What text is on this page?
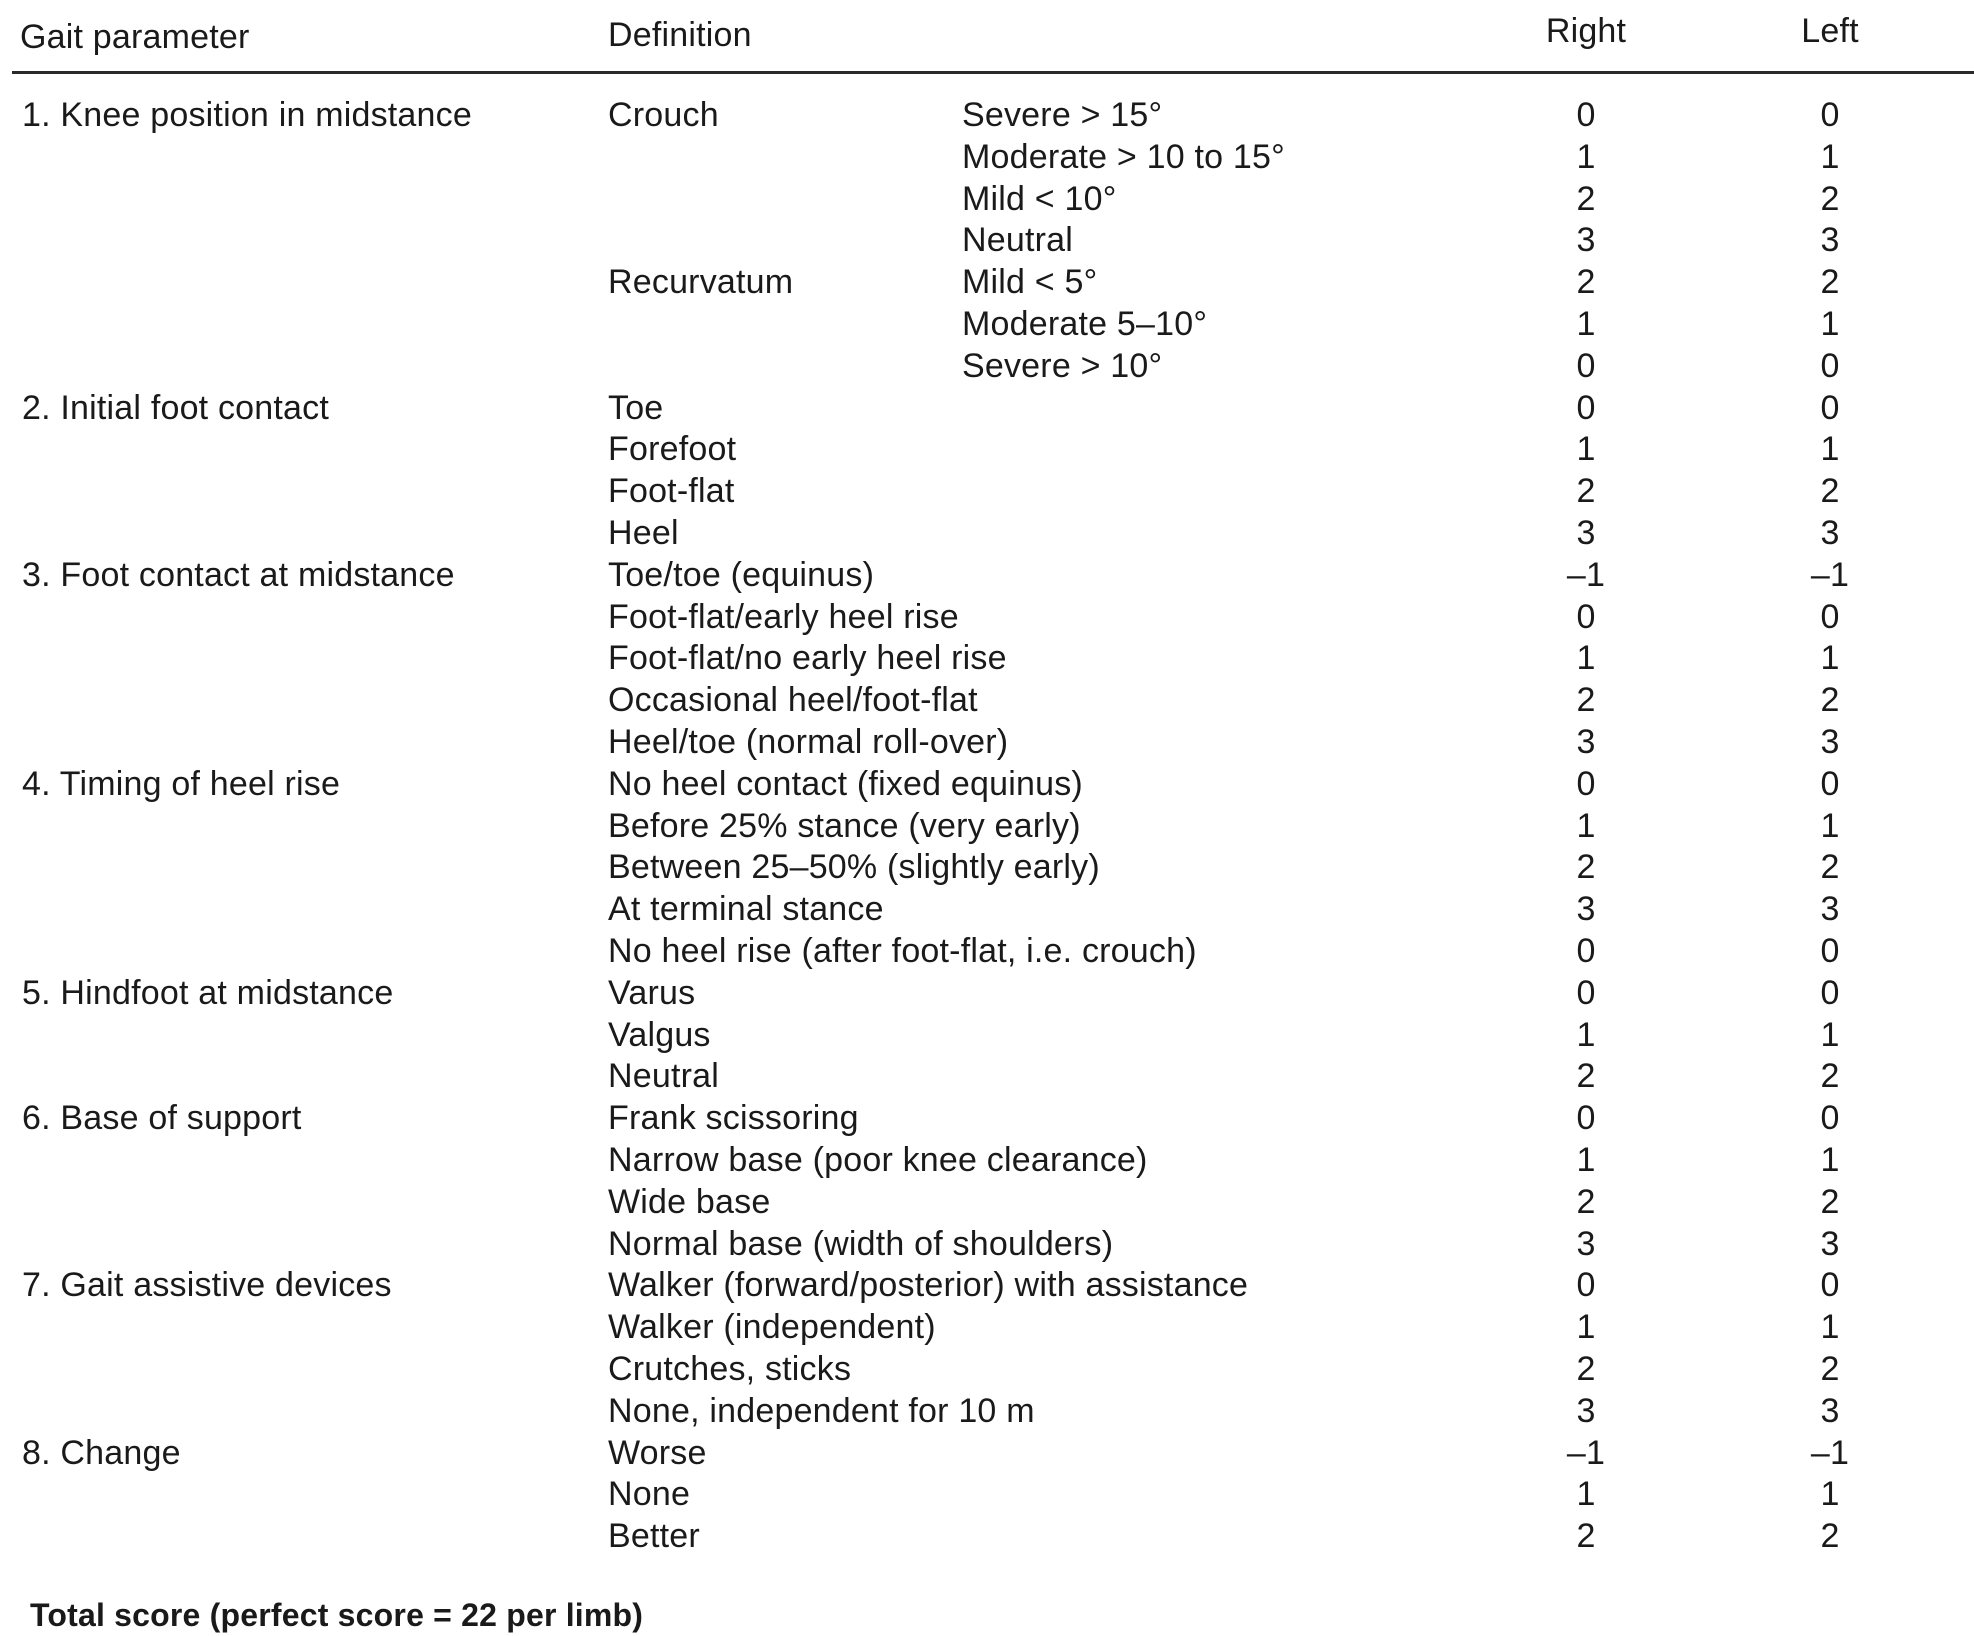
Gait parameter	Definition	Right	Left
1. Knee position in midstance	Crouch	Severe > 15°	0	0
Moderate > 10 to 15°	1	1
Mild < 10°	2	2
Neutral	3	3
Recurvatum	Mild < 5°	2	2
Moderate 5–10°	1	1
Severe > 10°	0	0
2. Initial foot contact	Toe	0	0
Forefoot	1	1
Foot-flat	2	2
Heel	3	3
3. Foot contact at midstance	Toe/toe (equinus)	–1	–1
Foot-flat/early heel rise	0	0
Foot-flat/no early heel rise	1	1
Occasional heel/foot-flat	2	2
Heel/toe (normal roll-over)	3	3
4. Timing of heel rise	No heel contact (fixed equinus)	0	0
Before 25% stance (very early)	1	1
Between 25–50% (slightly early)	2	2
At terminal stance	3	3
No heel rise (after foot-flat, i.e. crouch)	0	0
5. Hindfoot at midstance	Varus	0	0
Valgus	1	1
Neutral	2	2
6. Base of support	Frank scissoring	0	0
Narrow base (poor knee clearance)	1	1
Wide base	2	2
Normal base (width of shoulders)	3	3
7. Gait assistive devices	Walker (forward/posterior) with assistance	0	0
Walker (independent)	1	1
Crutches, sticks	2	2
None, independent for 10 m	3	3
8. Change	Worse	–1	–1
None	1	1
Better	2	2
Total score (perfect score = 22 per limb)
